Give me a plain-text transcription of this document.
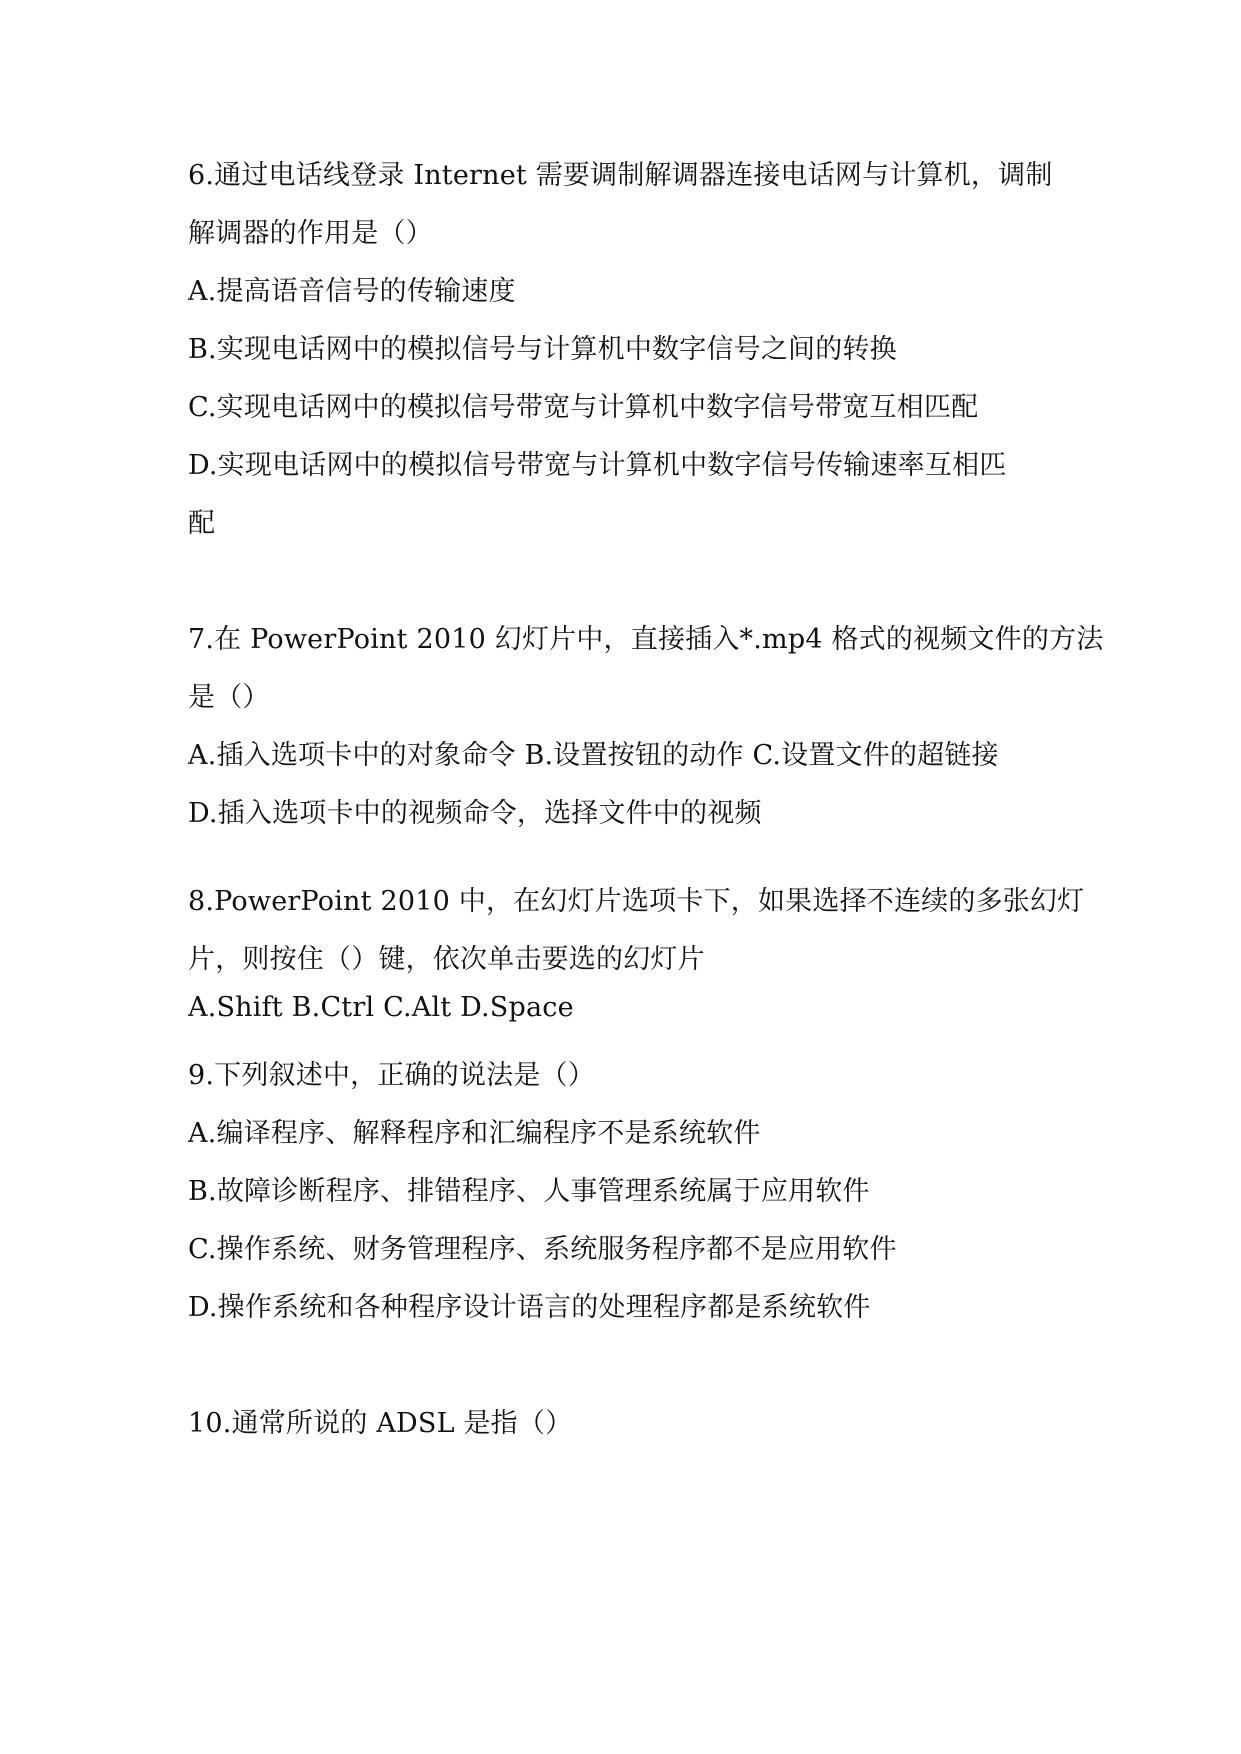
6.通过电话线登录 Internet 需要调制解调器连接电话网与计算机，调制
解调器的作用是（）
A.提高语音信号的传输速度
B.实现电话网中的模拟信号与计算机中数字信号之间的转换
C.实现电话网中的模拟信号带宽与计算机中数字信号带宽互相匹配
D.实现电话网中的模拟信号带宽与计算机中数字信号传输速率互相匹
配
7.在 PowerPoint 2010 幻灯片中，直接插入*.mp4 格式的视频文件的方法
是（）
A.插入选项卡中的对象命令 B.设置按钮的动作 C.设置文件的超链接
D.插入选项卡中的视频命令，选择文件中的视频
8.PowerPoint 2010 中，在幻灯片选项卡下，如果选择不连续的多张幻灯
片，则按住（）键，依次单击要选的幻灯片
A.Shift B.Ctrl C.Alt D.Space
9.下列叙述中，正确的说法是（）
A.编译程序、解释程序和汇编程序不是系统软件
B.故障诊断程序、排错程序、人事管理系统属于应用软件
C.操作系统、财务管理程序、系统服务程序都不是应用软件
D.操作系统和各种程序设计语言的处理程序都是系统软件
10.通常所说的 ADSL 是指（）
